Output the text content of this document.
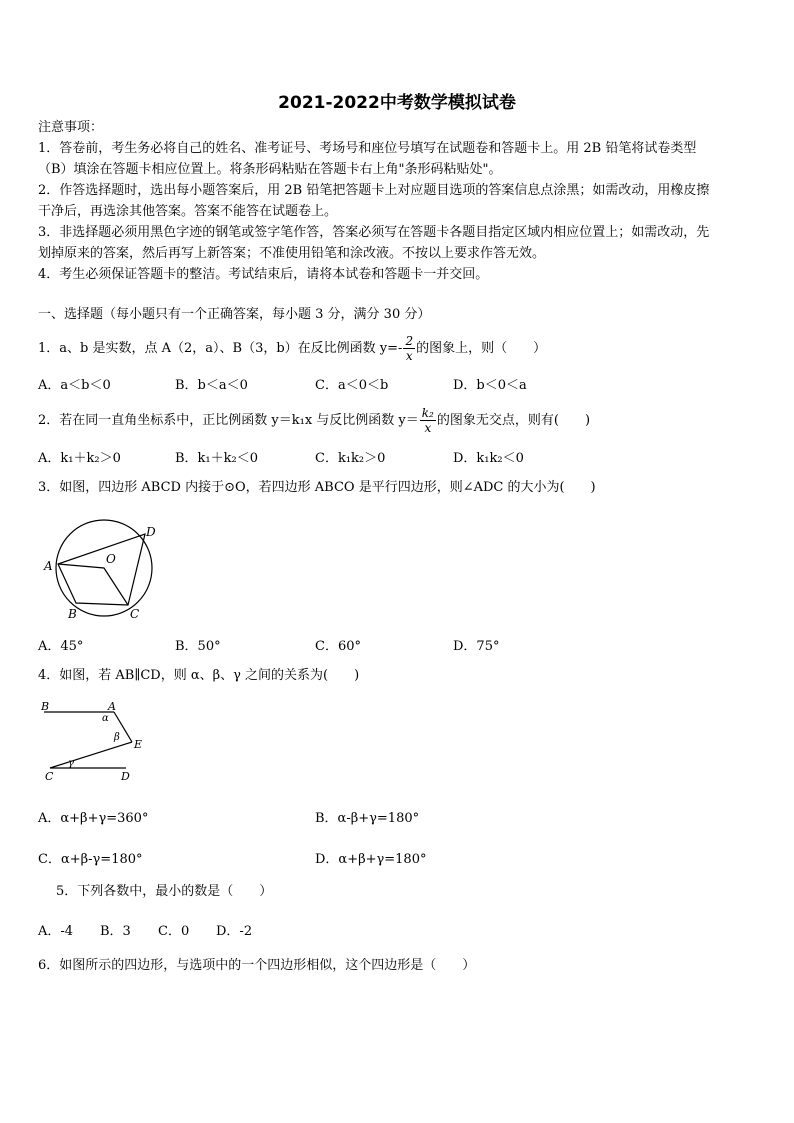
2021-2022中考数学模拟试卷
注意事项：
1．答卷前，考生务必将自己的姓名、准考证号、考场号和座位号填写在试题卷和答题卡上。用 2B 铅笔将试卷类型
（B）填涂在答题卡相应位置上。将条形码粘贴在答题卡右上角"条形码粘贴处"。
2．作答选择题时，选出每小题答案后，用 2B 铅笔把答题卡上对应题目选项的答案信息点涂黑；如需改动，用橡皮擦
干净后，再选涂其他答案。答案不能答在试题卷上。
3．非选择题必须用黑色字迹的钢笔或签字笔作答，答案必须写在答题卡各题目指定区域内相应位置上；如需改动，先
划掉原来的答案，然后再写上新答案；不准使用铅笔和涂改液。不按以上要求作答无效。
4．考生必须保证答题卡的整洁。考试结束后，请将本试卷和答题卡一并交回。
一、选择题（每小题只有一个正确答案，每小题 3 分，满分 30 分）
1．a、b 是实数，点 A（2，a）、B（3，b）在反比例函数 $y=- \frac{2}{x}$ 的图象上，则（　　）
A．a＜b＜0	B．b＜a＜0	C．a＜0＜b	D．b＜0＜a
2．若在同一直角坐标系中，正比例函数 y＝k₁x 与反比例函数 $y= \frac{\text{k₂}}{x}$ 的图象无交点，则有(　　)
A．k₁＋k₂＞0	B．k₁＋k₂＜0	C．k₁k₂＞0	D．k₁k₂＜0
3．如图，四边形 ABCD 内接于⊙O，若四边形 ABCO 是平行四边形，则∠ADC 的大小为(　　)
A
B	C
D
O
A．45°	B．50°	C．60°	D．75°
4．如图，若 AB∥CD，则 α、β、γ 之间的关系为(　　)
B	A
α
β
E
C
γ
D
A．α+β+γ=360°	B．α-β+γ=180°
C．α+β-γ=180°	D．α+β+γ=180°
5．下列各数中，最小的数是（　　）
A．-4 B．3 C．0 D．-2
6．如图所示的四边形，与选项中的一个四边形相似，这个四边形是（　　）
